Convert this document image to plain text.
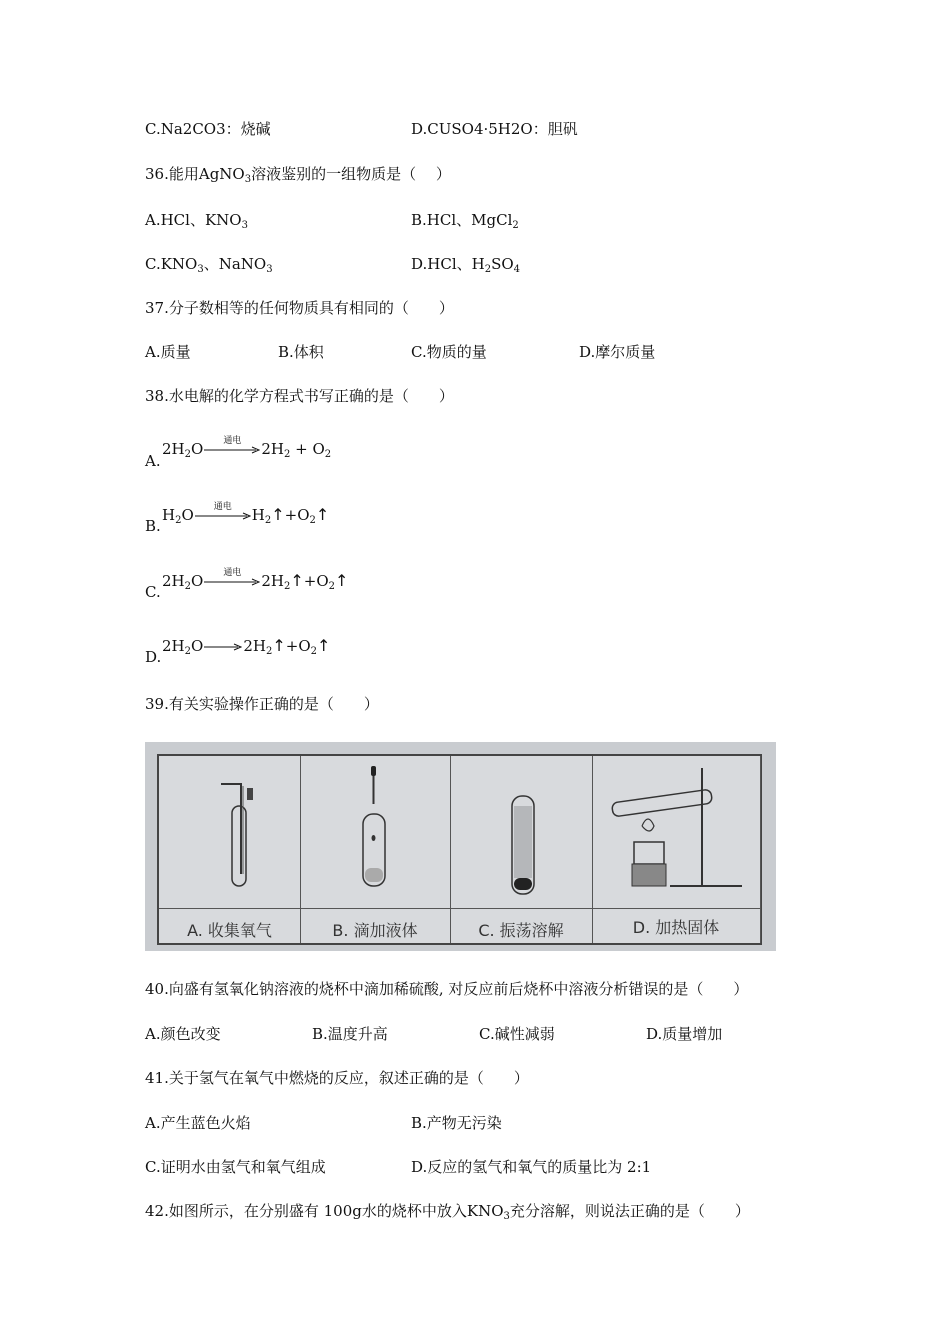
C.Na2CO3：烧碱	D.CUSO4·5H2O：胆矾
36.能用AgNO$_3$溶液鉴别的一组物质是（　 ）
A.HCl、$KNO_3$	B.HCl、MgCl$_2$
$C.KNO_3$、NaNO$_3$	D.HCl、$H_2SO_4$
37.分子数相等的任何物质具有相同的（　　）
A.质量	B.体积	C.物质的量	D.摩尔质量
38.水电解的化学方程式书写正确的是（　　）
A.
$2H_2O$	通电	$2H_2 + O_2$
B.
$H_2O$	通电	$H_2↑+O_2↑$
C.
$2H_2O$	通电	$2H_2↑+O_2↑$
D.
$2H_2O\to 2H_2↑+O_2↑$
39.有关实验操作正确的是（　　）
A. 收集氧气	B. 滴加液体	C. 振荡溶解	D. 加热固体
40.向盛有氢氧化钠溶液的烧杯中滴加稀硫酸, 对反应前后烧杯中溶液分析错误的是（　　）
A.颜色改变	B.温度升高	C.碱性减弱	D.质量增加
41.关于氢气在氧气中燃烧的反应，叙述正确的是（　　）
A.产生蓝色火焰	B.产物无污染
C.证明水由氢气和氧气组成	D.反应的氢气和氧气的质量比为 2:1
42.如图所示，在分别盛有 100g水的烧杯中放入$KNO_3$充分溶解，则说法正确的是（　　）
